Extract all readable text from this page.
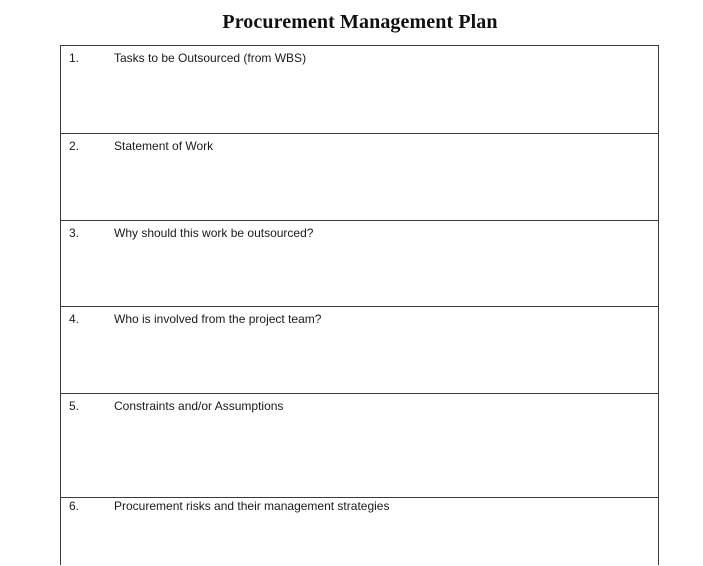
Procurement Management Plan
1.	Tasks to be Outsourced (from WBS)
2.	Statement of Work
3.	Why should this work be outsourced?
4.	Who is involved from the project team?
5.	Constraints and/or Assumptions
6.	Procurement risks and their management strategies
